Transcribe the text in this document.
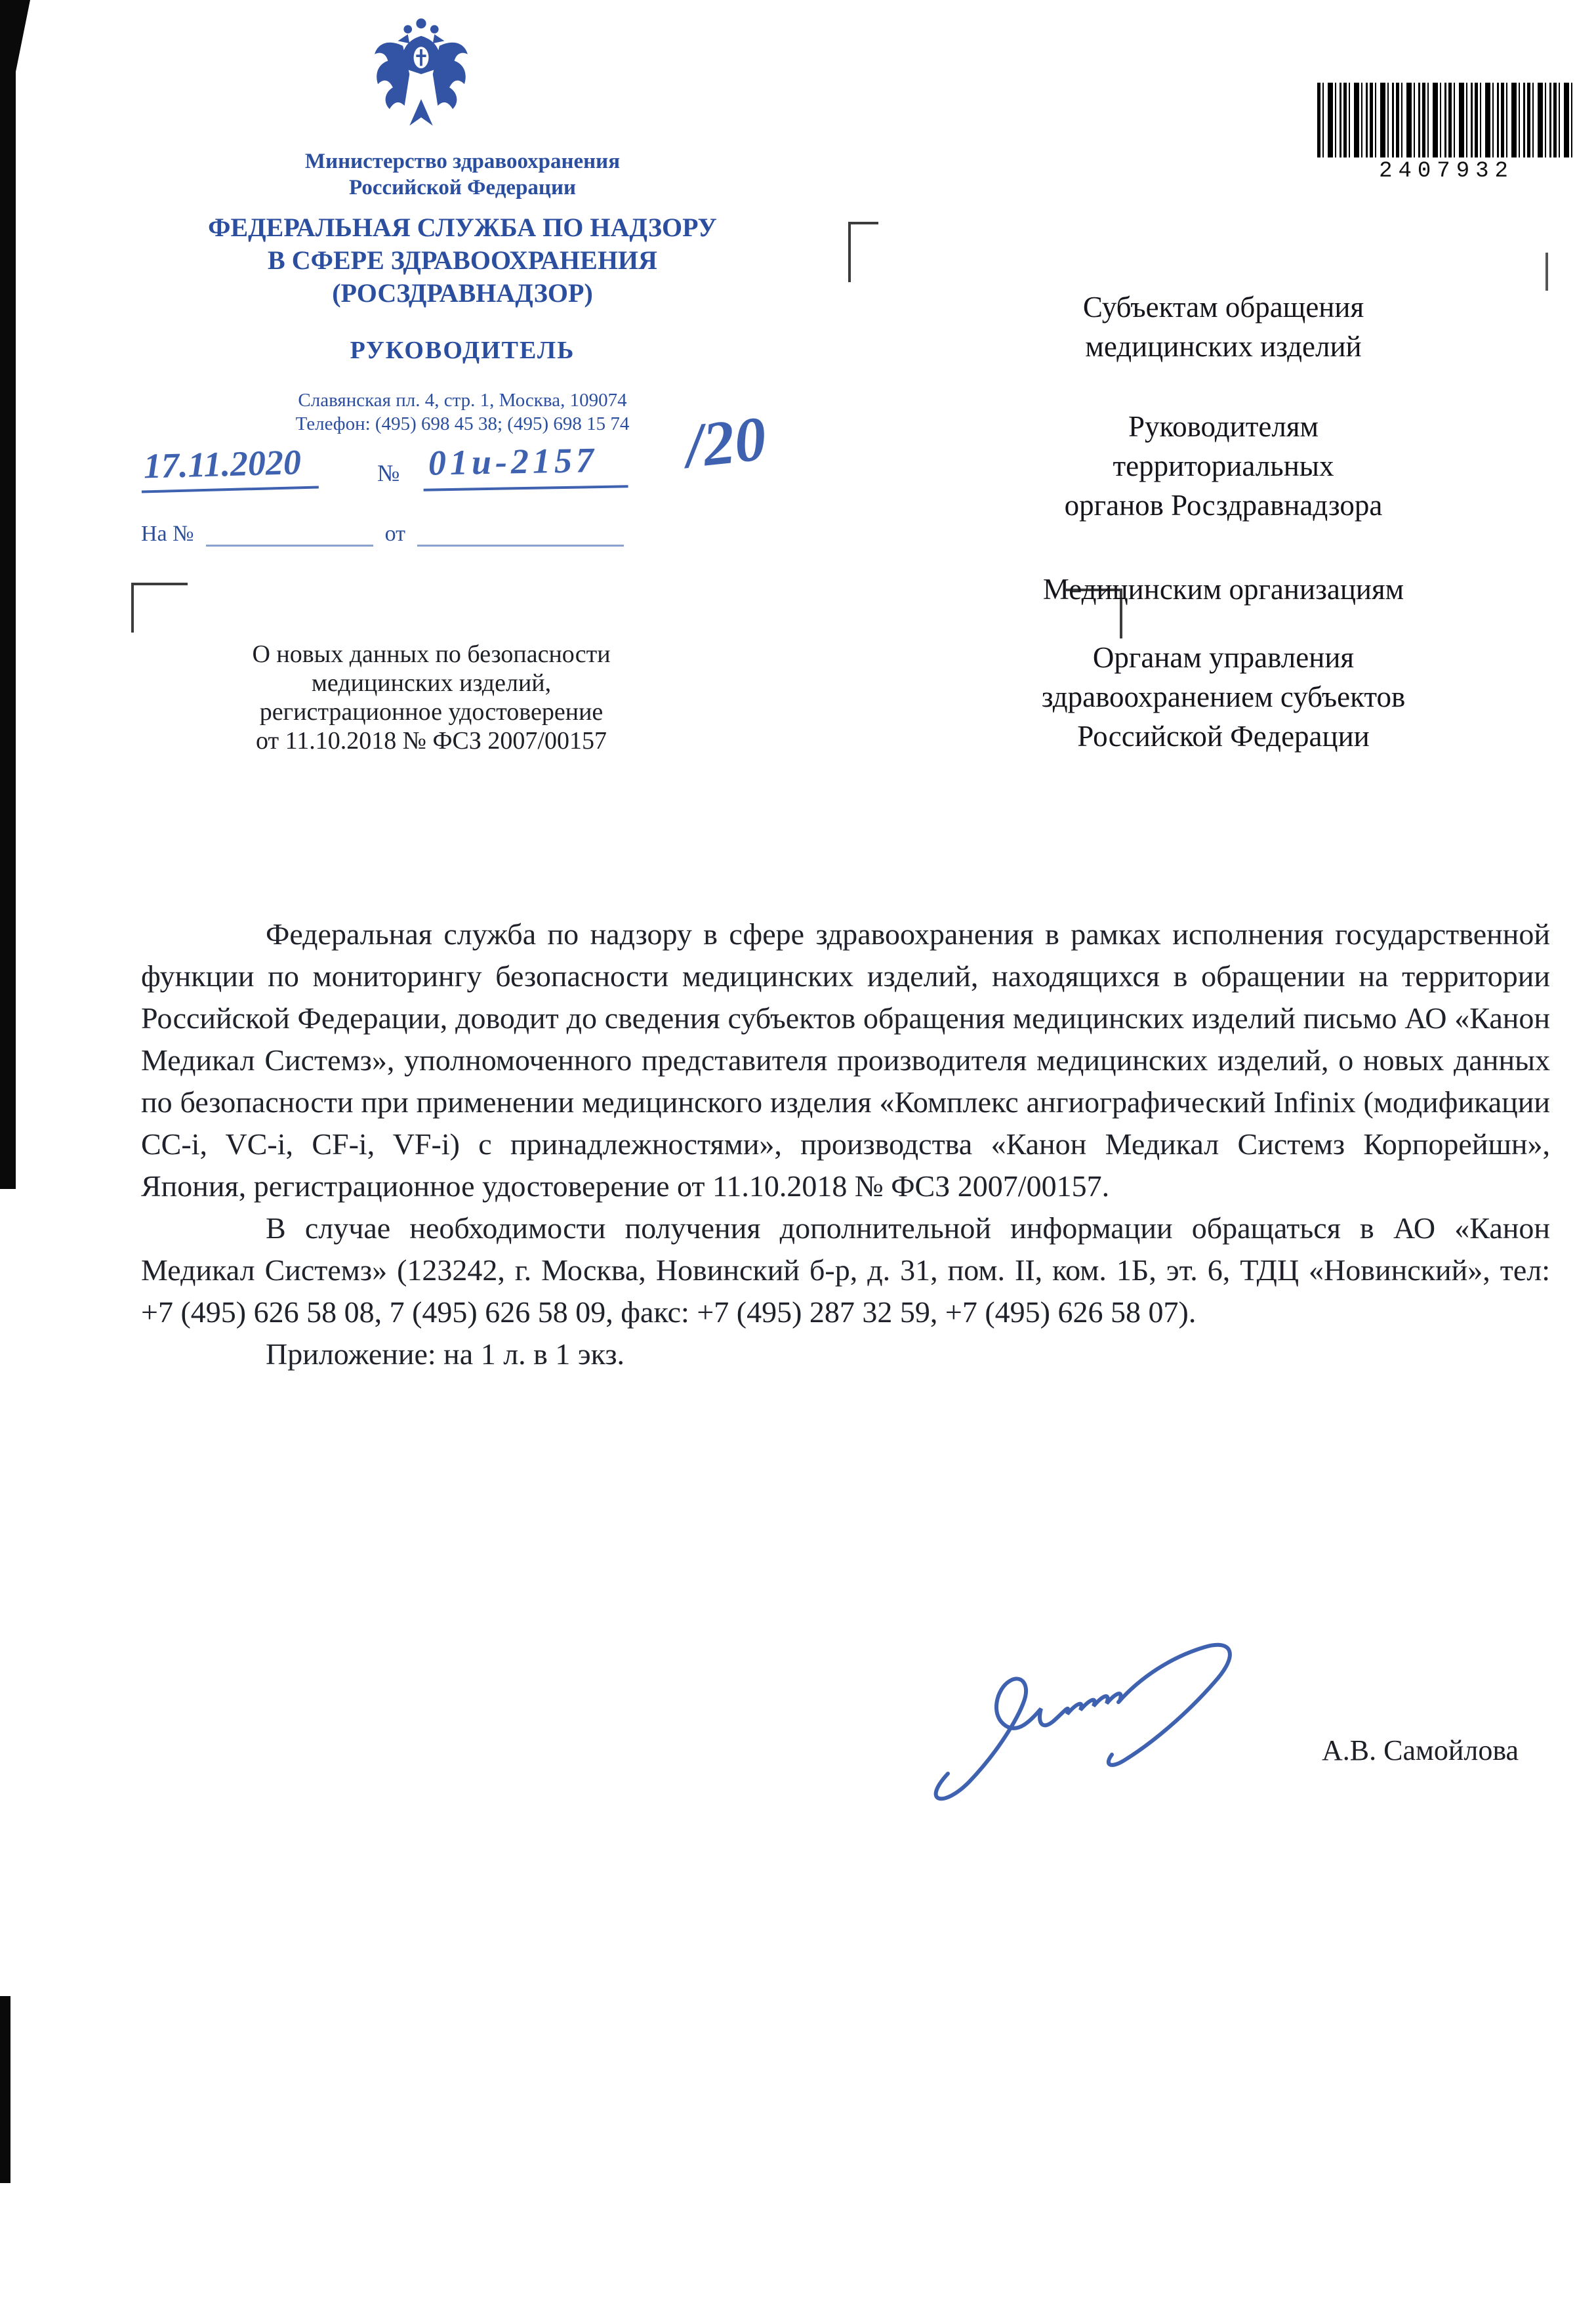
Министерство здравоохранения
Российской Федерации
ФЕДЕРАЛЬНАЯ СЛУЖБА ПО НАДЗОРУ
В СФЕРЕ ЗДРАВООХРАНЕНИЯ
(РОСЗДРАВНАДЗОР)
РУКОВОДИТЕЛЬ
Славянская пл. 4, стр. 1, Москва, 109074
Телефон: (495) 698 45 38; (495) 698 15 74
17.11.2020	№ 01и-2157	/20
На №	от
О новых данных по безопасности
медицинских изделий,
регистрационное удостоверение
от 11.10.2018 № ФСЗ 2007/00157
Субъектам обращения
медицинских изделий
Руководителям
территориальных
органов Росздравнадзора
Медицинским организациям
Органам управления
здравоохранением субъектов
Российской Федерации
2407932

Федеральная служба по надзору в сфере здравоохранения в рамках исполнения государственной функции по мониторингу безопасности медицинских изделий, находящихся в обращении на территории Российской Федерации, доводит до сведения субъектов обращения медицинских изделий письмо АО «Канон Медикал Системз», уполномоченного представителя производителя медицинских изделий, о новых данных по безопасности при применении медицинского изделия «Комплекс ангиографический Infinix (модификации CC-i, VC-i, CF-i, VF-i) с принадлежностями», производства «Канон Медикал Системз Корпорейшн», Япония, регистрационное удостоверение от 11.10.2018 № ФСЗ 2007/00157.

В случае необходимости получения дополнительной информации обращаться в АО «Канон Медикал Системз» (123242, г. Москва, Новинский б-р, д. 31, пом. II, ком. 1Б, эт. 6, ТДЦ «Новинский», тел: +7 (495) 626 58 08, 7 (495) 626 58 09, факс: +7 (495) 287 32 59, +7 (495) 626 58 07).

Приложение: на 1 л. в 1 экз.

А.В. Самойлова
